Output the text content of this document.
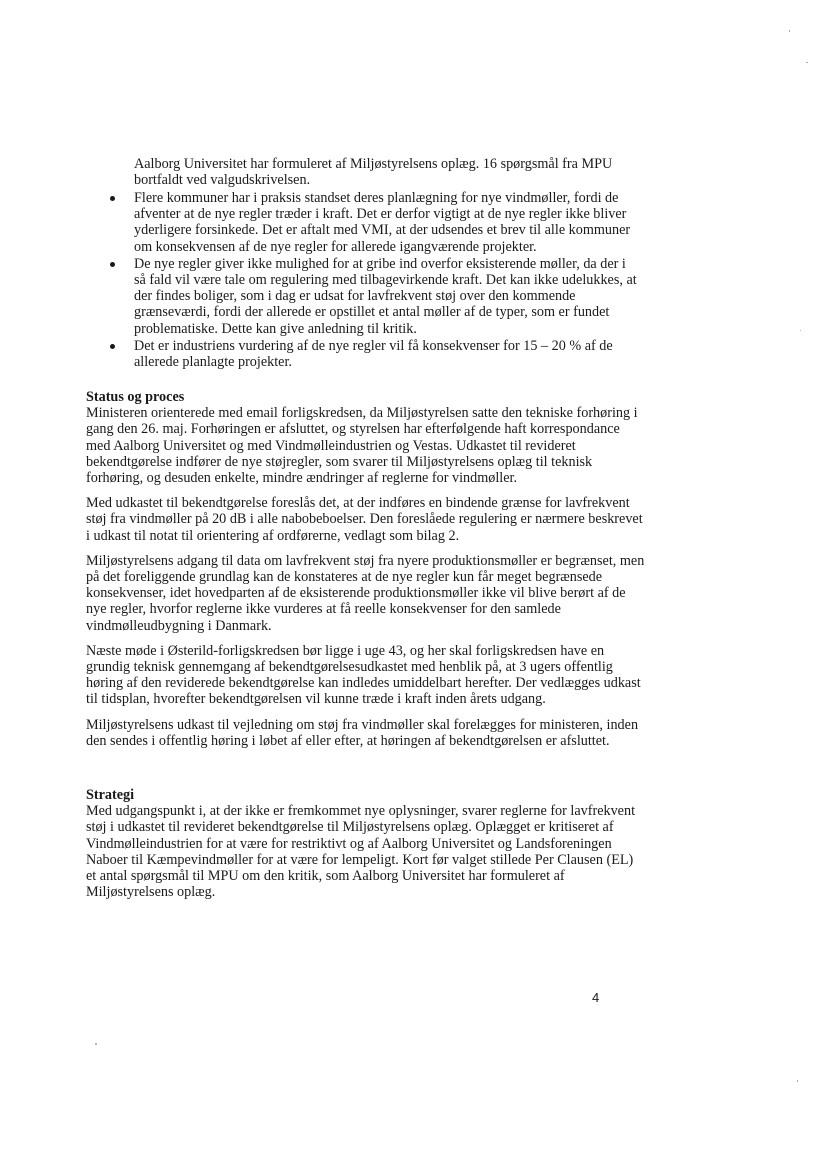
Aalborg Universitet har formuleret af Miljøstyrelsens oplæg. 16 spørgsmål fra MPU bortfaldt ved valgudskrivelsen.
Flere kommuner har i praksis standset deres planlægning for nye vindmøller, fordi de afventer at de nye regler træder i kraft. Det er derfor vigtigt at de nye regler ikke bliver yderligere forsinkede. Det er aftalt med VMI, at der udsendes et brev til alle kommuner om konsekvensen af de nye regler for allerede igangværende projekter.
De nye regler giver ikke mulighed for at gribe ind overfor eksisterende møller, da der i så fald vil være tale om regulering med tilbagevirkende kraft. Det kan ikke udelukkes, at der findes boliger, som i dag er udsat for lavfrekvent støj over den kommende grænseværdi, fordi der allerede er opstillet et antal møller af de typer, som er fundet problematiske. Dette kan give anledning til kritik.
Det er industriens vurdering af de nye regler vil få konsekvenser for 15 – 20 % af de allerede planlagte projekter.
Status og proces

Ministeren orienterede med email forligskredsen, da Miljøstyrelsen satte den tekniske forhøring i gang den 26. maj. Forhøringen er afsluttet, og styrelsen har efterfølgende haft korrespondance med Aalborg Universitet og med Vindmølleindustrien og Vestas. Udkastet til revideret bekendtgørelse indfører de nye støjregler, som svarer til Miljøstyrelsens oplæg til teknisk forhøring, og desuden enkelte, mindre ændringer af reglerne for vindmøller.

Med udkastet til bekendtgørelse foreslås det, at der indføres en bindende grænse for lavfrekvent støj fra vindmøller på 20 dB i alle nabobeboelser. Den foreslåede regulering er nærmere beskrevet i udkast til notat til orientering af ordførerne, vedlagt som bilag 2.

Miljøstyrelsens adgang til data om lavfrekvent støj fra nyere produktionsmøller er begrænset, men på det foreliggende grundlag kan de konstateres at de nye regler kun får meget begrænsede konsekvenser, idet hovedparten af de eksisterende produktionsmøller ikke vil blive berørt af de nye regler, hvorfor reglerne ikke vurderes at få reelle konsekvenser for den samlede vindmølleudbygning i Danmark.

Næste møde i Østerild-forligskredsen bør ligge i uge 43, og her skal forligskredsen have en grundig teknisk gennemgang af bekendtgørelsesudkastet med henblik på, at 3 ugers offentlig høring af den reviderede bekendtgørelse kan indledes umiddelbart herefter. Der vedlægges udkast til tidsplan, hvorefter bekendtgørelsen vil kunne træde i kraft inden årets udgang.

Miljøstyrelsens udkast til vejledning om støj fra vindmøller skal forelægges for ministeren, inden den sendes i offentlig høring i løbet af eller efter, at høringen af bekendtgørelsen er afsluttet.

Strategi

Med udgangspunkt i, at der ikke er fremkommet nye oplysninger, svarer reglerne for lavfrekvent støj i udkastet til revideret bekendtgørelse til Miljøstyrelsens oplæg. Oplægget er kritiseret af Vindmølleindustrien for at være for restriktivt og af Aalborg Universitet og Landsforeningen Naboer til Kæmpevindmøller for at være for lempeligt. Kort før valget stillede Per Clausen (EL) et antal spørgsmål til MPU om den kritik, som Aalborg Universitet har formuleret af Miljøstyrelsens oplæg.

4
